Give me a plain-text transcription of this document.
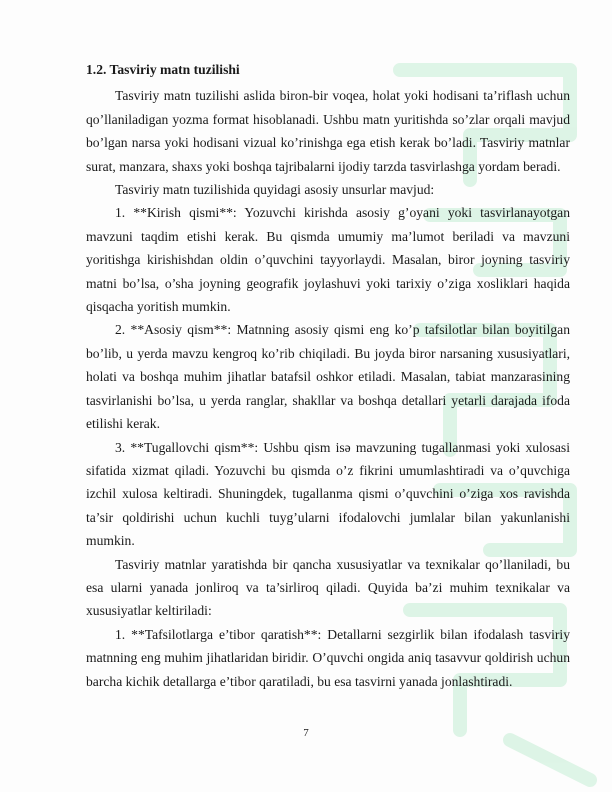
1.2. Tasviriy matn tuzilishi

Tasviriy matn tuzilishi aslida biron-bir voqea, holat yoki hodisani ta’riflash uchun qo’llaniladigan yozma format hisoblanadi. Ushbu matn yuritishda so’zlar orqali mavjud bo’lgan narsa yoki hodisani vizual ko’rinishga ega etish kerak bo’ladi. Tasviriy matnlar surat, manzara, shaxs yoki boshqa tajribalarni ijodiy tarzda tasvirlashga yordam beradi.

Tasviriy matn tuzilishida quyidagi asosiy unsurlar mavjud:

1. **Kirish qismi**: Yozuvchi kirishda asosiy g’oyani yoki tasvirlanayotgan mavzuni taqdim etishi kerak. Bu qismda umumiy ma’lumot beriladi va mavzuni yoritishga kirishishdan oldin o’quvchini tayyorlaydi. Masalan, biror joyning tasviriy matni bo’lsa, o’sha joyning geografik joylashuvi yoki tarixiy o’ziga xosliklari haqida qisqacha yoritish mumkin.

2. **Asosiy qism**: Matnning asosiy qismi eng ko’p tafsilotlar bilan boyitilgan bo’lib, u yerda mavzu kengroq ko’rib chiqiladi. Bu joyda biror narsaning xususiyatlari, holati va boshqa muhim jihatlar batafsil oshkor etiladi. Masalan, tabiat manzarasining tasvirlanishi bo’lsa, u yerda ranglar, shakllar va boshqa detallari yetarli darajada ifoda etilishi kerak.

3. **Tugallovchi qism**: Ushbu qism isə mavzuning tugallanmasi yoki xulosasi sifatida xizmat qiladi. Yozuvchi bu qismda o’z fikrini umumlashtiradi va o’quvchiga izchil xulosa keltiradi. Shuningdek, tugallanma qismi o’quvchini o’ziga xos ravishda ta’sir qoldirishi uchun kuchli tuyg’ularni ifodalovchi jumlalar bilan yakunlanishi mumkin.

Tasviriy matnlar yaratishda bir qancha xususiyatlar va texnikalar qo’llaniladi, bu esa ularni yanada jonliroq va ta’sirliroq qiladi. Quyida ba’zi muhim texnikalar va xususiyatlar keltiriladi:

1. **Tafsilotlarga e’tibor qaratish**: Detallarni sezgirlik bilan ifodalash tasviriy matnning eng muhim jihatlaridan biridir. O’quvchi ongida aniq tasavvur qoldirish uchun barcha kichik detallarga e’tibor qaratiladi, bu esa tasvirni yanada jonlashtiradi.

7
